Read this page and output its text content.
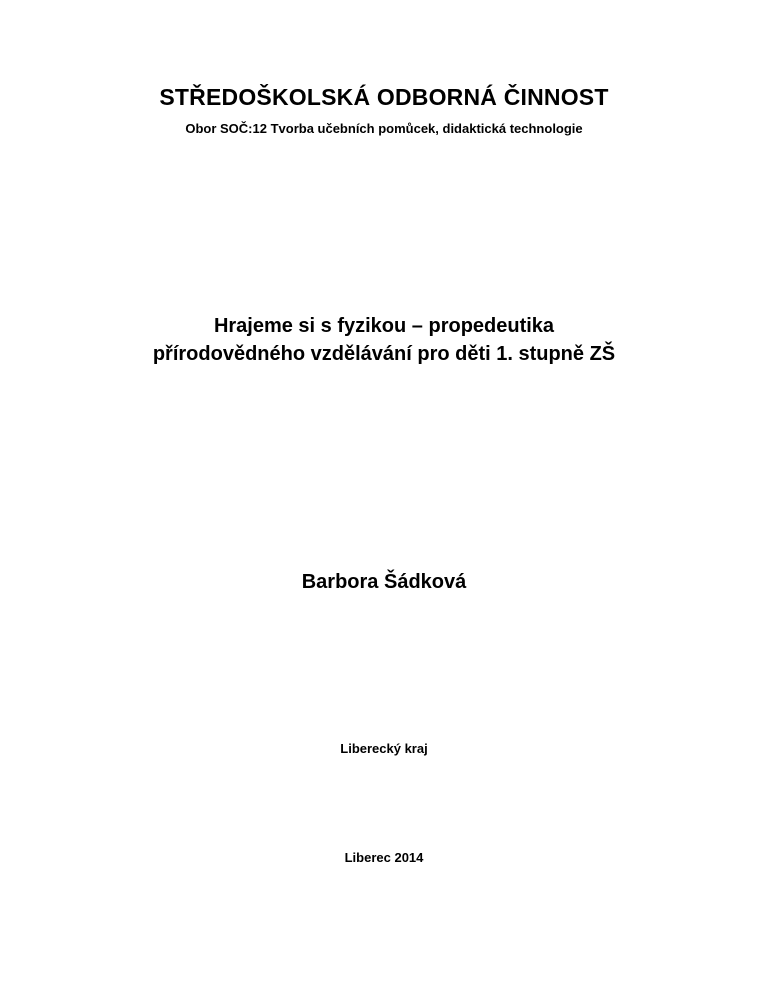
STŘEDOŠKOLSKÁ ODBORNÁ ČINNOST
Obor SOČ:12 Tvorba učebních pomůcek, didaktická technologie
Hrajeme si s fyzikou – propedeutika
přírodovědného vzdělávání pro děti 1. stupně ZŠ
Barbora Šádková
Liberecký kraj
Liberec 2014
